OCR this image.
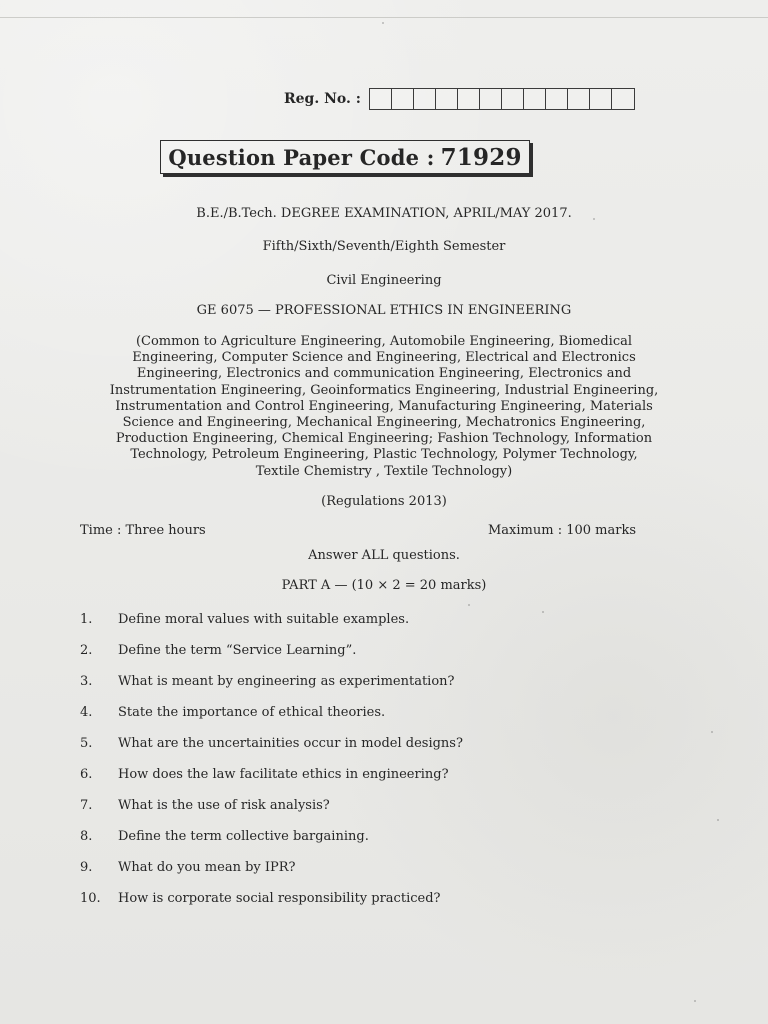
Reg. No. :
Question Paper Code : 71929
B.E./B.Tech. DEGREE EXAMINATION, APRIL/MAY 2017.
Fifth/Sixth/Seventh/Eighth Semester
Civil Engineering
GE 6075 — PROFESSIONAL ETHICS IN ENGINEERING
(Common to Agriculture Engineering, Automobile Engineering, Biomedical
Engineering, Computer Science and Engineering, Electrical and Electronics
Engineering, Electronics and communication Engineering, Electronics and
Instrumentation Engineering, Geoinformatics Engineering, Industrial Engineering,
Instrumentation and Control Engineering, Manufacturing Engineering, Materials
Science and Engineering, Mechanical Engineering, Mechatronics Engineering,
Production Engineering, Chemical Engineering; Fashion Technology, Information
Technology, Petroleum Engineering, Plastic Technology, Polymer Technology,
Textile Chemistry , Textile Technology)
(Regulations 2013)
Time : Three hours	Maximum : 100 marks
Answer ALL questions.
PART A — (10 × 2 = 20 marks)
1.	Define moral values with suitable examples.
2.	Define the term “Service Learning”.
3.	What is meant by engineering as experimentation?
4.	State the importance of ethical theories.
5.	What are the uncertainities occur in model designs?
6.	How does the law facilitate ethics in engineering?
7.	What is the use of risk analysis?
8.	Define the term collective bargaining.
9.	What do you mean by IPR?
10.	How is corporate social responsibility practiced?
